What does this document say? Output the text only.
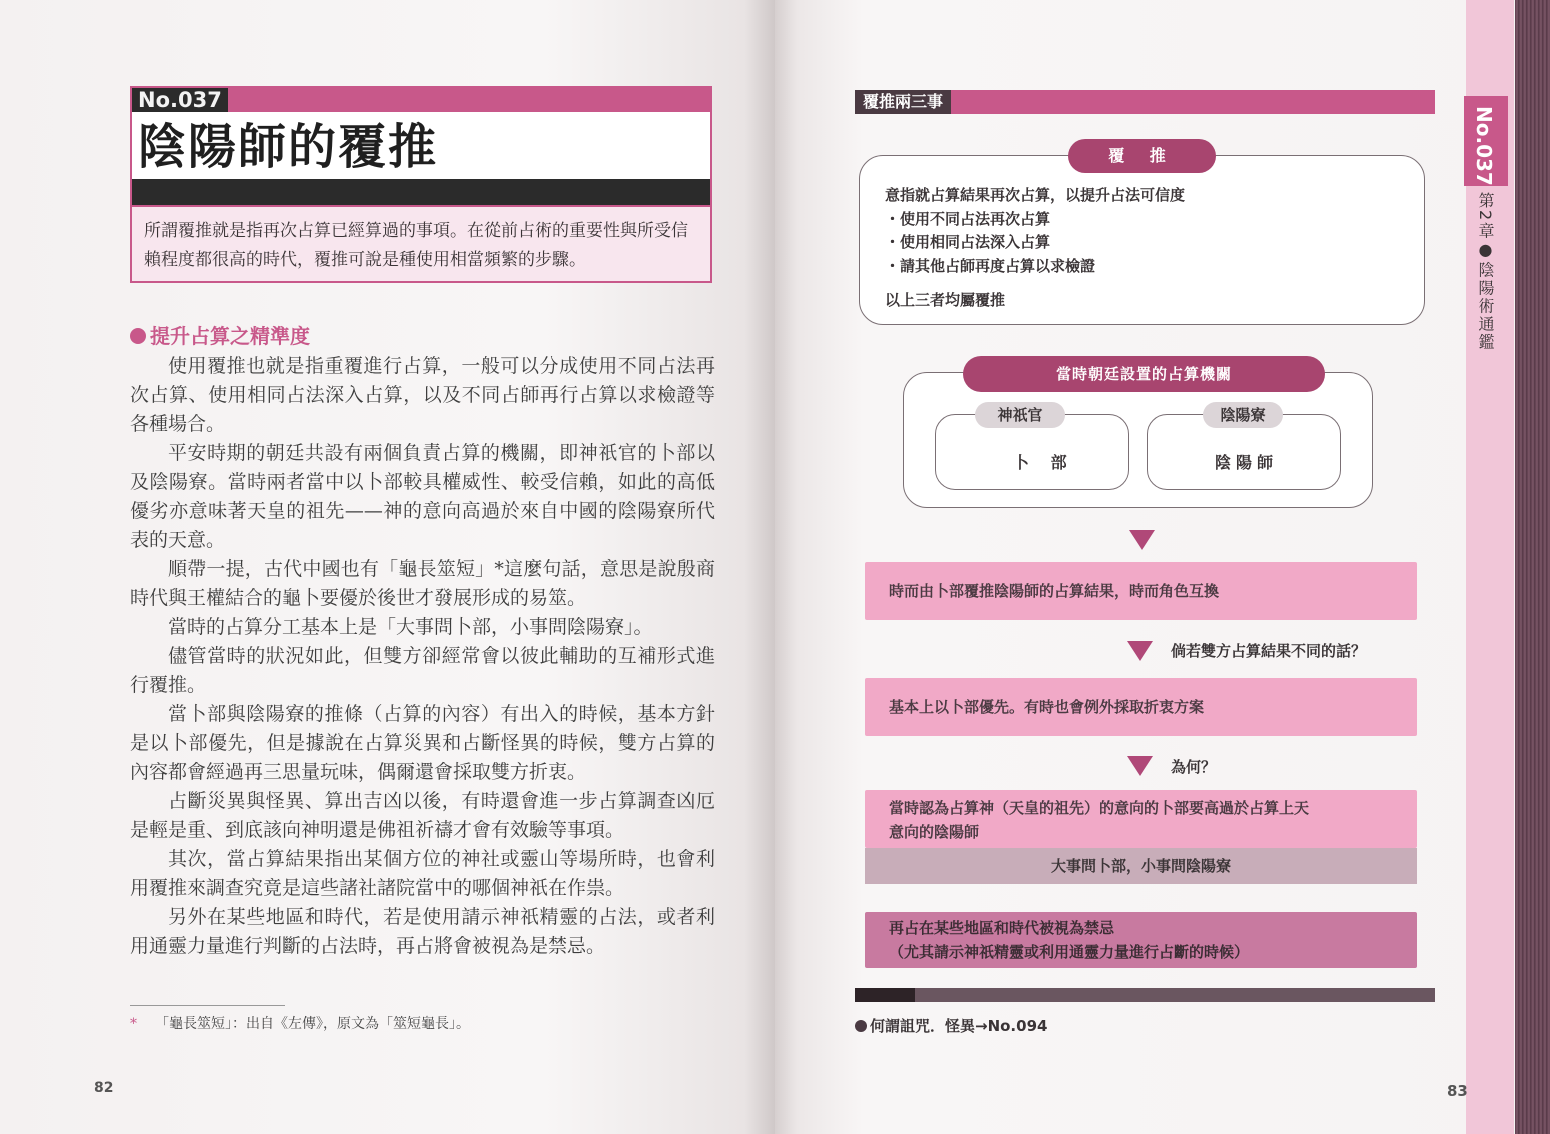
No.037
陰陽師的覆推
所謂覆推就是指再次占算已經算過的事項。在從前占術的重要性與所受信賴程度都很高的時代，覆推可說是種使用相當頻繁的步驟。
提升占算之精準度

使用覆推也就是指重覆進行占算，一般可以分成使用不同占法再次占算、使用相同占法深入占算，以及不同占師再行占算以求檢證等各種場合。

平安時期的朝廷共設有兩個負責占算的機關，即神祇官的卜部以及陰陽寮。當時兩者當中以卜部較具權威性、較受信賴，如此的高低優劣亦意味著天皇的祖先——神的意向高過於來自中國的陰陽寮所代表的天意。

順帶一提，古代中國也有「龜長筮短」*這麼句話，意思是說殷商時代與王權結合的龜卜要優於後世才發展形成的易筮。

當時的占算分工基本上是「大事問卜部，小事問陰陽寮」。

儘管當時的狀況如此，但雙方卻經常會以彼此輔助的互補形式進行覆推。

當卜部與陰陽寮的推條（占算的內容）有出入的時候，基本方針是以卜部優先，但是據說在占算災異和占斷怪異的時候，雙方占算的內容都會經過再三思量玩味，偶爾還會採取雙方折衷。

占斷災異與怪異、算出吉凶以後，有時還會進一步占算調查凶厄是輕是重、到底該向神明還是佛祖祈禱才會有效驗等事項。

其次，當占算結果指出某個方位的神社或靈山等場所時，也會利用覆推來調查究竟是這些諸社諸院當中的哪個神祇在作祟。

另外在某些地區和時代，若是使用請示神祇精靈的占法，或者利用通靈力量進行判斷的占法時，再占將會被視為是禁忌。

* 「龜長筮短」：出自《左傳》，原文為「筮短龜長」。
82
覆推兩三事
覆 推
意指就占算結果再次占算，以提升占法可信度
・使用不同占法再次占算
・使用相同占法深入占算
・請其他占師再度占算以求檢證
以上三者均屬覆推
當時朝廷設置的占算機關
神祇官	陰陽寮
卜 部	陰陽師
時而由卜部覆推陰陽師的占算結果，時而角色互換
倘若雙方占算結果不同的話？
基本上以卜部優先。有時也會例外採取折衷方案
為何？
當時認為占算神（天皇的祖先）的意向的卜部要高過於占算上天
意向的陰陽師
大事問卜部，小事問陰陽寮
再占在某些地區和時代被視為禁忌
（尤其請示神祇精靈或利用通靈力量進行占斷的時候）
何謂詛咒．怪異→No.094
No.037
第2章●陰陽術通鑑
83
